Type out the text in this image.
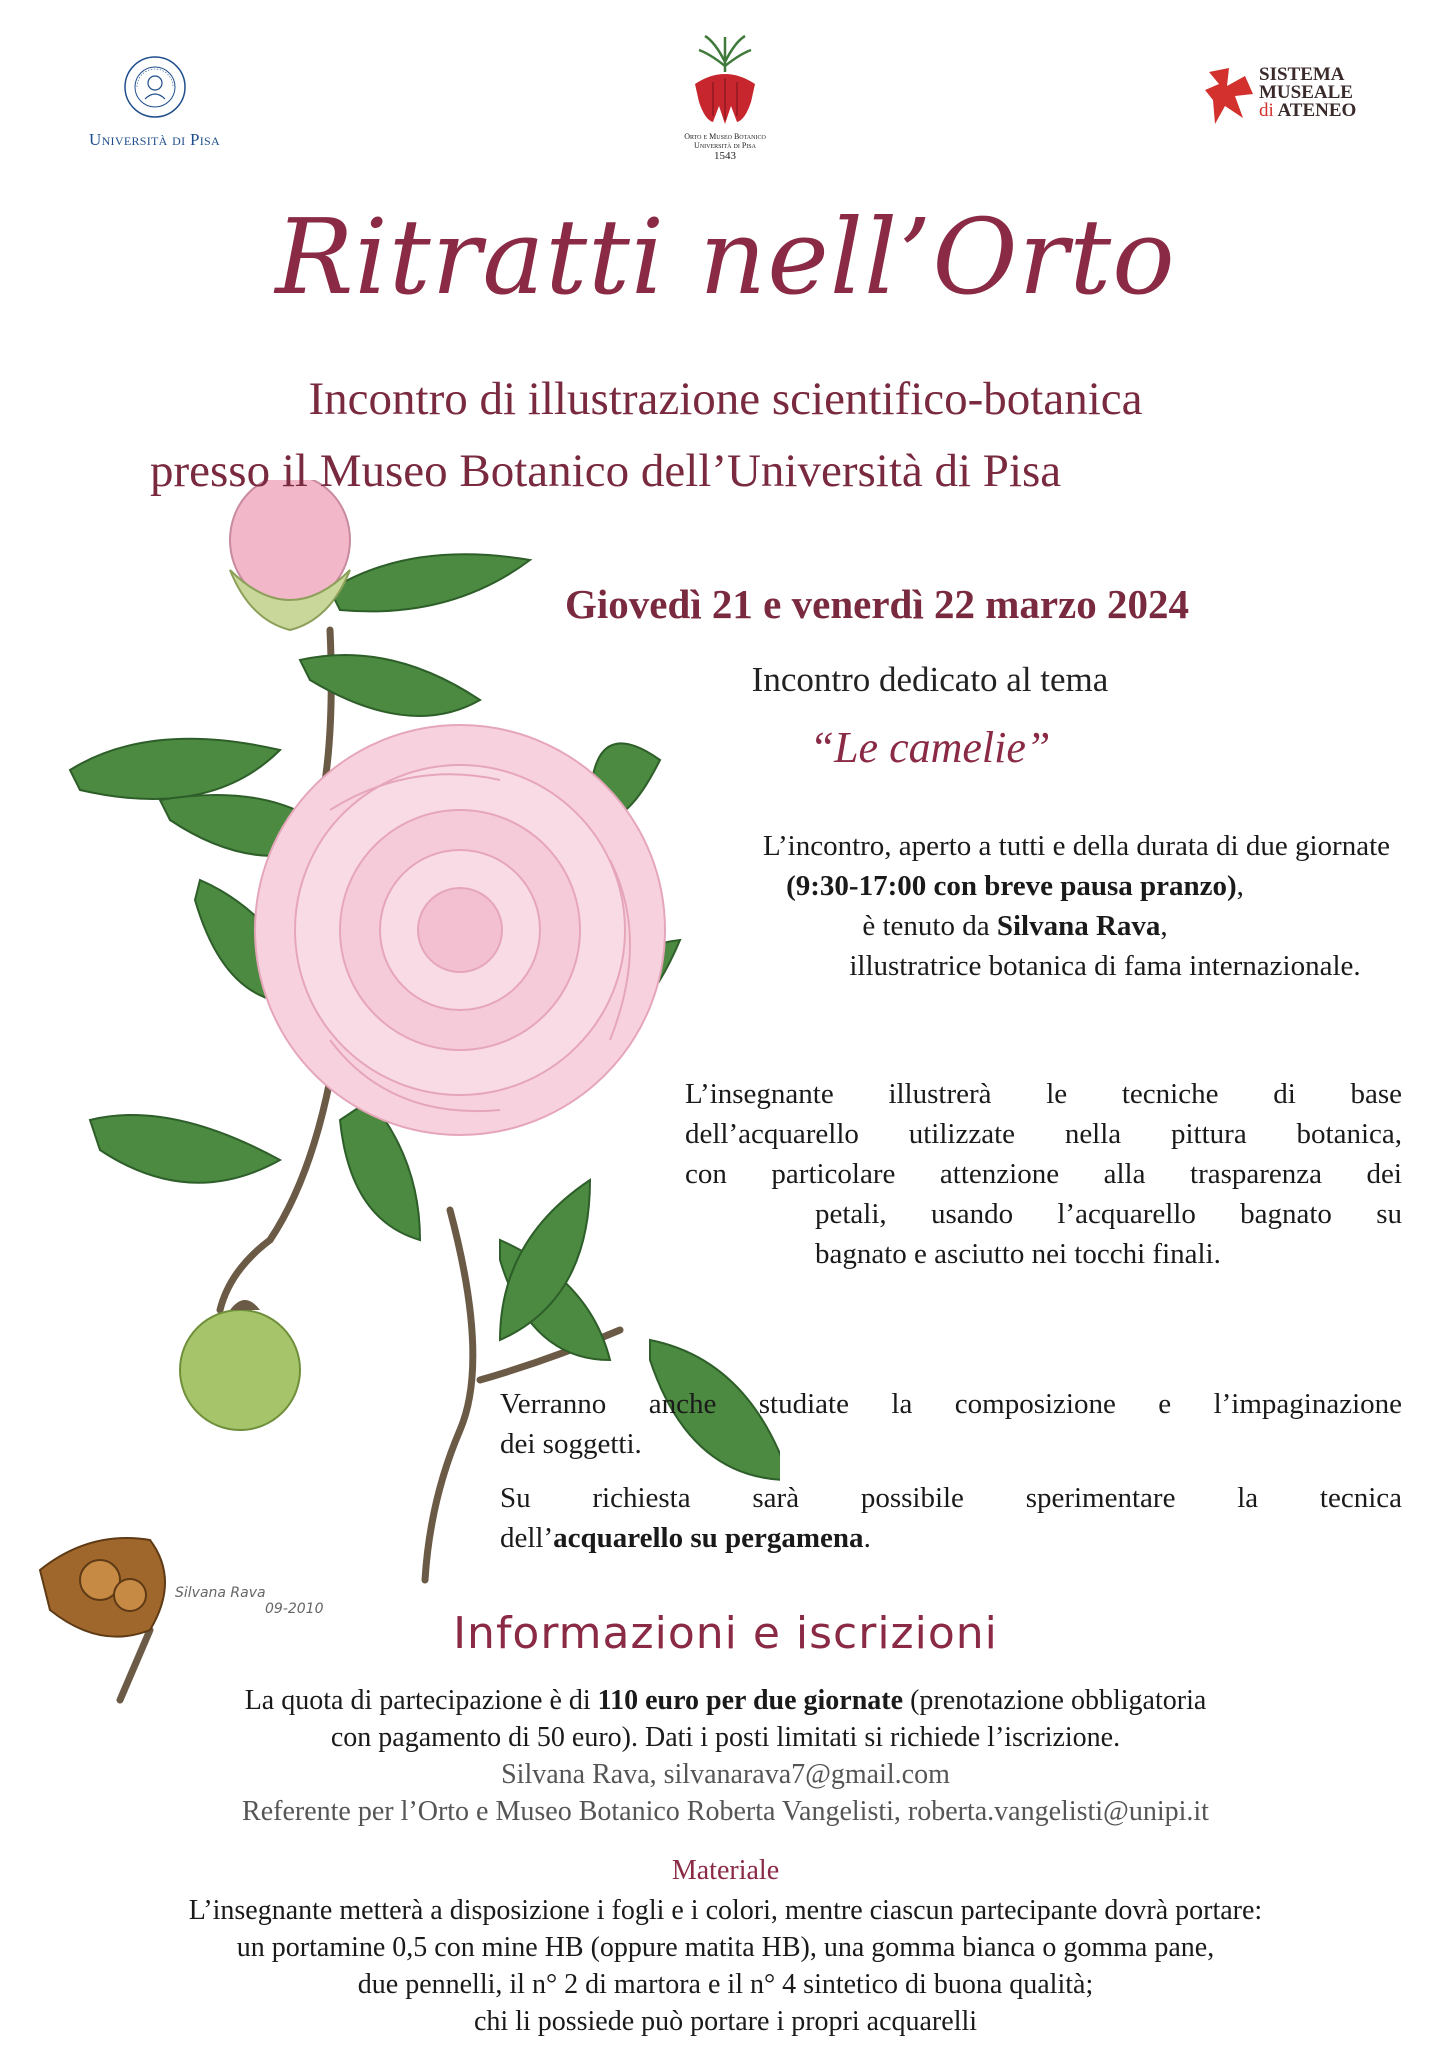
Università di Pisa	Orto e Museo Botanico
Università di Pisa
1543
SISTEMA
MUSEALE
di ATENEO
Silvana Rava
09-2010
Ritratti nell’Orto
Incontro di illustrazione scientifico-botanica
presso il Museo Botanico dell’Università di Pisa
Giovedì 21 e venerdì 22 marzo 2024
Incontro dedicato al tema
“Le camelie”
L’incontro, aperto a tutti e della durata di due giornate
(9:30-17:00 con breve pausa pranzo),
è tenuto da Silvana Rava,
illustratrice botanica di fama internazionale.
L’insegnante illustrerà le tecniche di base
dell’acquarello utilizzate nella pittura botanica,
con particolare attenzione alla trasparenza dei
petali, usando l’acquarello bagnato su
bagnato e asciutto nei tocchi finali.
Verranno anche studiate la composizione e l’impaginazione
dei soggetti.
Su richiesta sarà possibile sperimentare la tecnica
dell’acquarello su pergamena.
Informazioni e iscrizioni
La quota di partecipazione è di 110 euro per due giornate (prenotazione obbligatoria
con pagamento di 50 euro). Dati i posti limitati si richiede l’iscrizione.
Silvana Rava, silvanarava7@gmail.com
Referente per l’Orto e Museo Botanico Roberta Vangelisti, roberta.vangelisti@unipi.it
Materiale
L’insegnante metterà a disposizione i fogli e i colori, mentre ciascun partecipante dovrà portare:
un portamine 0,5 con mine HB (oppure matita HB), una gomma bianca o gomma pane,
due pennelli, il n° 2 di martora e il n° 4 sintetico di buona qualità;
chi li possiede può portare i propri acquarelli
